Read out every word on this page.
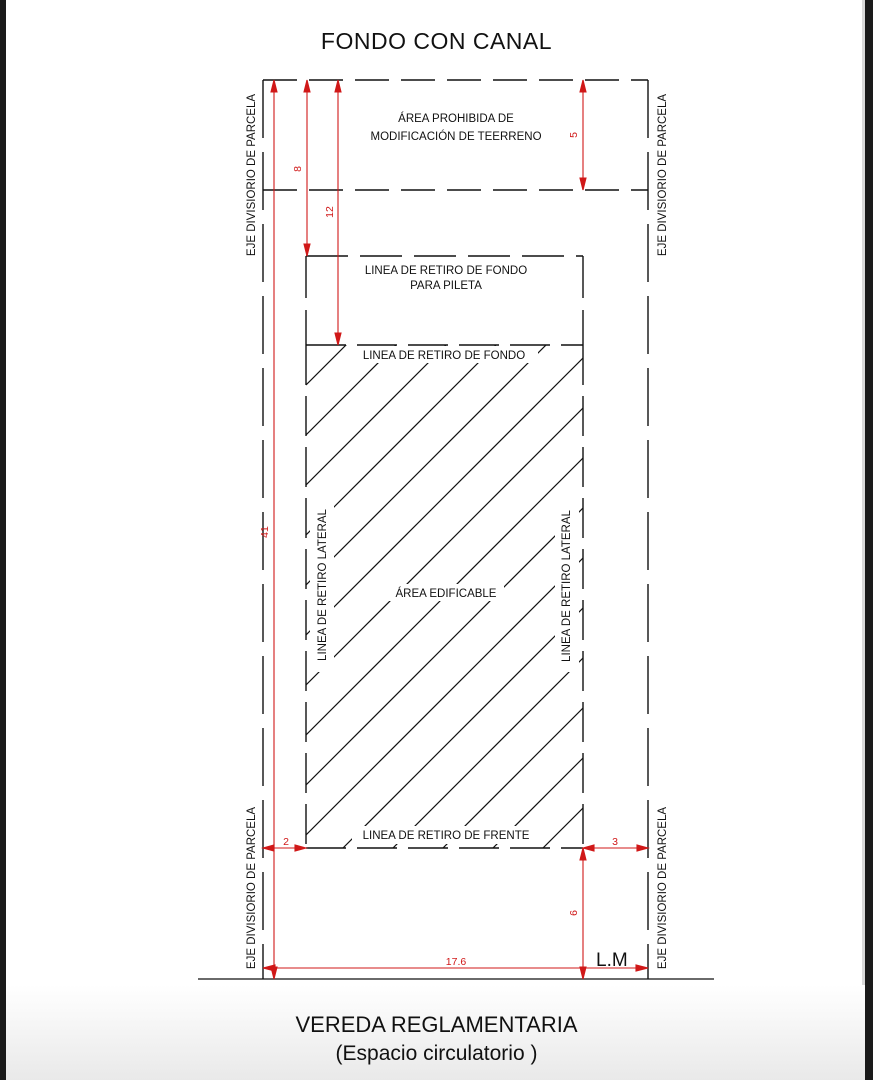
FONDO CON CANAL
41
8
12
5
6
17.6
2	3
ÁREA PROHIBIDA DE
MODIFICACIÓN DE TEERRENO
LINEA DE RETIRO DE FONDO
PARA PILETA
LINEA DE RETIRO DE FONDO
LINEA DE RETIRO DE FRENTE
ÁREA EDIFICABLE
LINEA DE RETIRO LATERAL	LINEA DE RETIRO LATERAL
EJE DIVISIORIO DE PARCELA	EJE DIVISIORIO DE PARCELA
EJE DIVISIORIO DE PARCELA	EJE DIVISIORIO DE PARCELA
L.M
VEREDA REGLAMENTARIA
(Espacio circulatorio )
